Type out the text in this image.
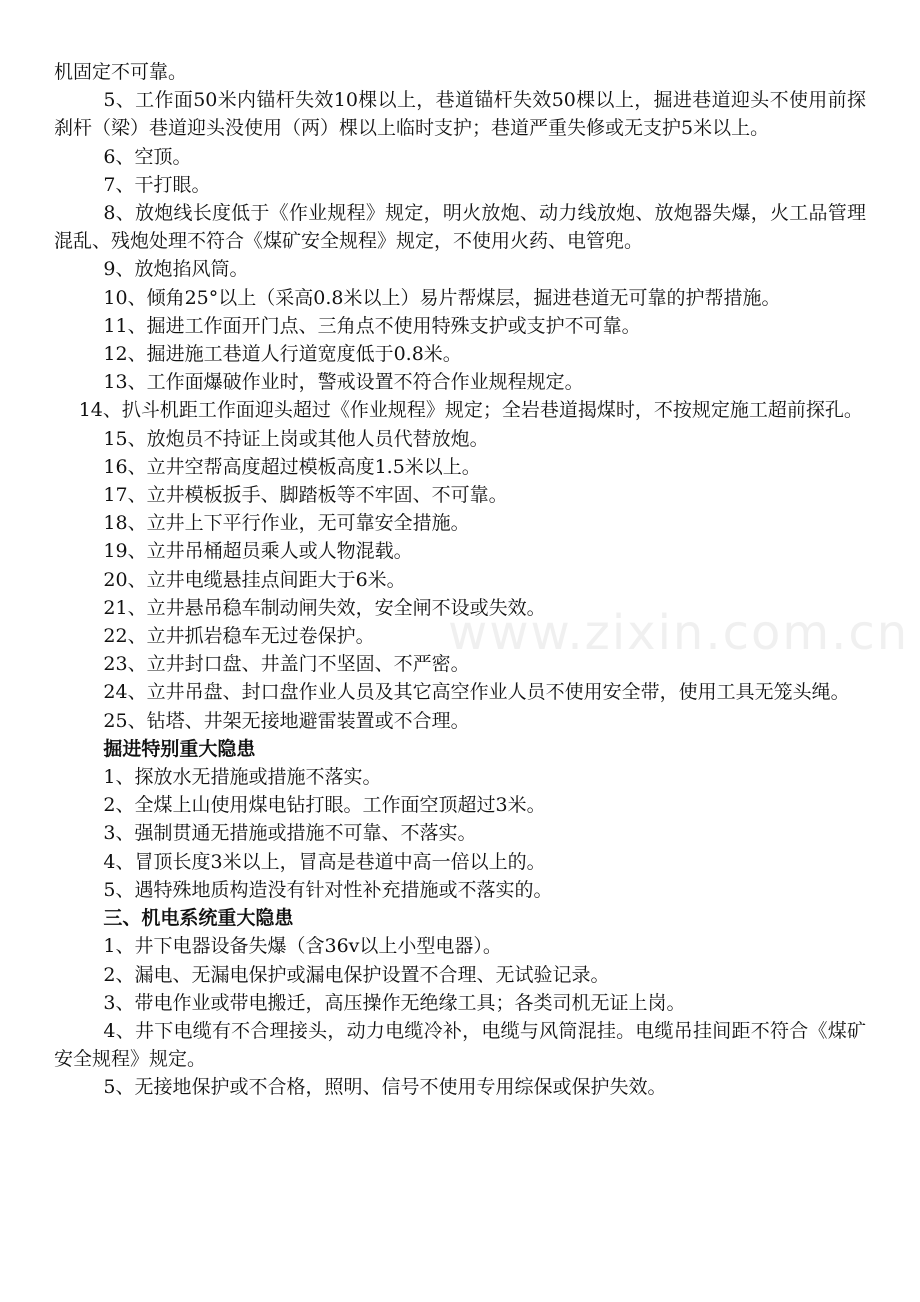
www.zixin.com.cn

机固定不可靠。

5、工作面50米内锚杆失效10棵以上，巷道锚杆失效50棵以上，掘进巷道迎头不使用前探刹杆（梁）巷道迎头没使用（两）棵以上临时支护；巷道严重失修或无支护5米以上。

6、空顶。

7、干打眼。

8、放炮线长度低于《作业规程》规定，明火放炮、动力线放炮、放炮器失爆，火工品管理混乱、残炮处理不符合《煤矿安全规程》规定，不使用火药、电管兜。

9、放炮掐风筒。

10、倾角25°以上（采高0.8米以上）易片帮煤层，掘进巷道无可靠的护帮措施。

11、掘进工作面开门点、三角点不使用特殊支护或支护不可靠。

12、掘进施工巷道人行道宽度低于0.8米。

13、工作面爆破作业时，警戒设置不符合作业规程规定。

14、扒斗机距工作面迎头超过《作业规程》规定；全岩巷道揭煤时，不按规定施工超前探孔。

15、放炮员不持证上岗或其他人员代替放炮。

16、立井空帮高度超过模板高度1.5米以上。

17、立井模板扳手、脚踏板等不牢固、不可靠。

18、立井上下平行作业，无可靠安全措施。

19、立井吊桶超员乘人或人物混载。

20、立井电缆悬挂点间距大于6米。

21、立井悬吊稳车制动闸失效，安全闸不设或失效。

22、立井抓岩稳车无过卷保护。

23、立井封口盘、井盖门不坚固、不严密。

24、立井吊盘、封口盘作业人员及其它高空作业人员不使用安全带，使用工具无笼头绳。

25、钻塔、井架无接地避雷装置或不合理。

掘进特别重大隐患

1、探放水无措施或措施不落实。

2、全煤上山使用煤电钻打眼。工作面空顶超过3米。

3、强制贯通无措施或措施不可靠、不落实。

4、冒顶长度3米以上，冒高是巷道中高一倍以上的。

5、遇特殊地质构造没有针对性补充措施或不落实的。

三、机电系统重大隐患

1、井下电器设备失爆（含36v以上小型电器）。

2、漏电、无漏电保护或漏电保护设置不合理、无试验记录。

3、带电作业或带电搬迁，高压操作无绝缘工具；各类司机无证上岗。

4、井下电缆有不合理接头，动力电缆冷补，电缆与风筒混挂。电缆吊挂间距不符合《煤矿安全规程》规定。

5、无接地保护或不合格，照明、信号不使用专用综保或保护失效。
